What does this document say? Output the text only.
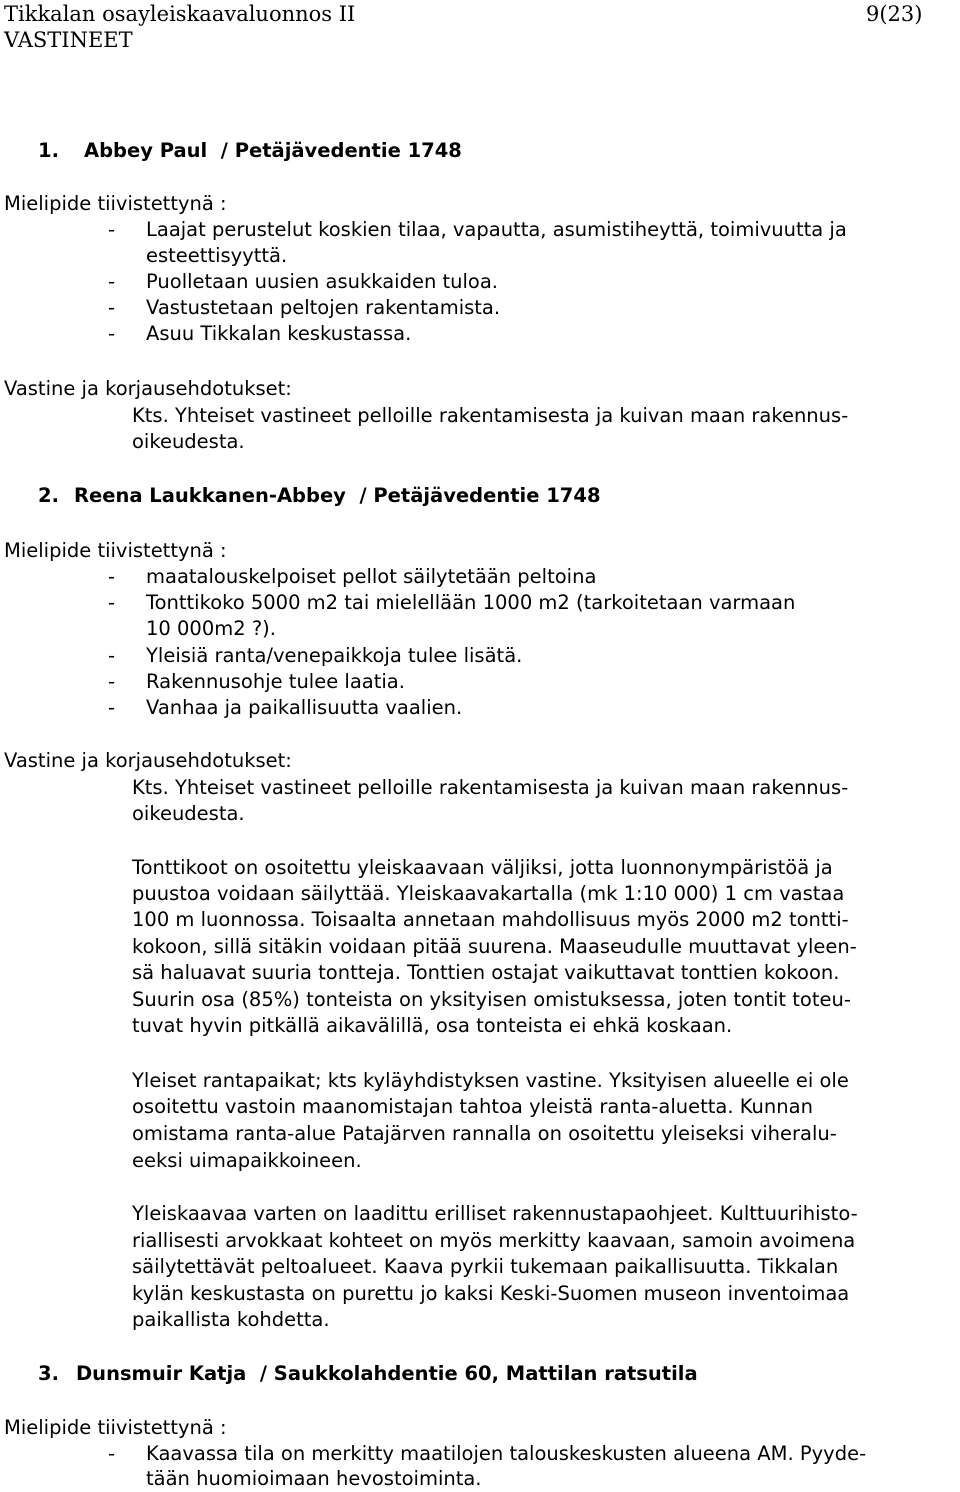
Tikkalan osayleiskaavaluonnos II	9(23)
VASTINEET
1. Abbey Paul  / Petäjävedentie 1748
Mielipide tiivistettynä :
- Laajat perustelut koskien tilaa, vapautta, asumistiheyttä, toimivuutta ja
esteettisyyttä.
- Puolletaan uusien asukkaiden tuloa.
- Vastustetaan peltojen rakentamista.
- Asuu Tikkalan keskustassa.
Vastine ja korjausehdotukset:
Kts. Yhteiset vastineet pelloille rakentamisesta ja kuivan maan rakennus-
oikeudesta.
2. Reena Laukkanen-Abbey  / Petäjävedentie 1748
Mielipide tiivistettynä :
- maatalouskelpoiset pellot säilytetään peltoina
- Tonttikoko 5000 m2 tai mielellään 1000 m2 (tarkoitetaan varmaan
10 000m2 ?).
- Yleisiä ranta/venepaikkoja tulee lisätä.
- Rakennusohje tulee laatia.
- Vanhaa ja paikallisuutta vaalien.
Vastine ja korjausehdotukset:
Kts. Yhteiset vastineet pelloille rakentamisesta ja kuivan maan rakennus-
oikeudesta.
Tonttikoot on osoitettu yleiskaavaan väljiksi, jotta luonnonympäristöä ja
puustoa voidaan säilyttää. Yleiskaavakartalla (mk 1:10 000) 1 cm vastaa
100 m luonnossa. Toisaalta annetaan mahdollisuus myös 2000 m2 tontti-
kokoon, sillä sitäkin voidaan pitää suurena. Maaseudulle muuttavat yleen-
sä haluavat suuria tontteja. Tonttien ostajat vaikuttavat tonttien kokoon.
Suurin osa (85%) tonteista on yksityisen omistuksessa, joten tontit toteu-
tuvat hyvin pitkällä aikavälillä, osa tonteista ei ehkä koskaan.
Yleiset rantapaikat; kts kyläyhdistyksen vastine. Yksityisen alueelle ei ole
osoitettu vastoin maanomistajan tahtoa yleistä ranta-aluetta. Kunnan
omistama ranta-alue Patajärven rannalla on osoitettu yleiseksi viheralu-
eeksi uimapaikkoineen.
Yleiskaavaa varten on laadittu erilliset rakennustapaohjeet. Kulttuurihisto-
riallisesti arvokkaat kohteet on myös merkitty kaavaan, samoin avoimena
säilytettävät peltoalueet. Kaava pyrkii tukemaan paikallisuutta. Tikkalan
kylän keskustasta on purettu jo kaksi Keski-Suomen museon inventoimaa
paikallista kohdetta.
3. Dunsmuir Katja  / Saukkolahdentie 60, Mattilan ratsutila
Mielipide tiivistettynä :
- Kaavassa tila on merkitty maatilojen talouskeskusten alueena AM. Pyyde-
tään huomioimaan hevostoiminta.
